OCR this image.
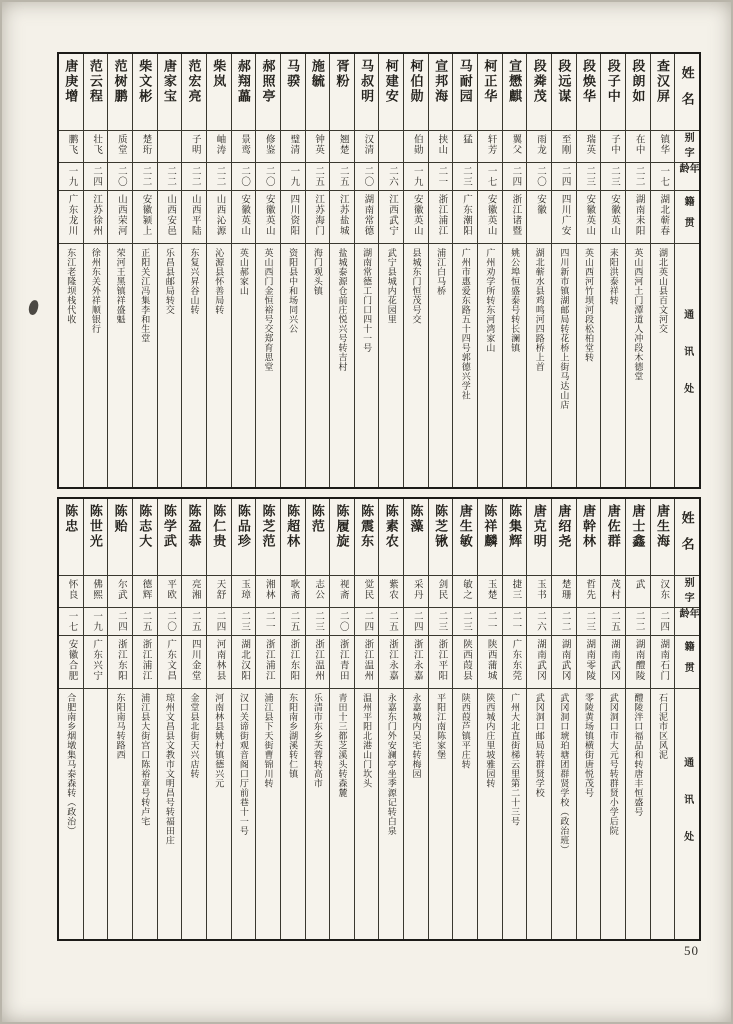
姓名
别字
年龄
籍贯
通讯处
查汉屏
镇华
一七
湖北蕲春
湖北英山县百文河交
段朗如
在中
二二
湖南耒阳
英山西河土门潭道人冲段木德堂
段子中
子中
二三
安徽英山
耒阳洪泰祥转
段焕华
瑞英
二三
安徽英山
英山西河竹坝河段松柏堂转
段远谋
至刚
二四
四川广安
四川新市镇湖邮局转花桥上街马达山店
段粦茂
雨龙
二〇
安徽
湖北蕲水县鸡鸣河四路桥上首
宣懋麒
翼父
二四
浙江诸暨
姚公埠恒盛泰号转长澜镇
柯正华
轩芳
一七
安徽英山
广州劝学所转东河湾家山
马耐园
猛
二三
广东潮阳
广州市惠爱东路五十四号郭德兴学社
宣邦海
挟山
二一
浙江浦江
浦江白马桥
柯伯勋
伯勋
一九
安徽英山
县城东门恒茂号交
柯建安
二六
江西武宁
武宁县城内花园里
马叔明
汉清
二〇
湖南常德
湖南常德工门口四十一号
胥粉
翘楚
二五
江苏盐城
盐城泰源仓前庄悦兴号转吉村
施毓
钟英
二五
江苏海门
海门观头镇
马骙
璧清
一九
四川资阳
资阳县中和场同兴公
郝照亭
修鉴
二〇
安徽英山
英山西门金恒裕号交郑育思堂
郝翔藟
景鸾
二〇
安徽英山
英山郝家山
柴岚
岫涛
二二
山西沁源
沁源县怀善局转
范宏亮
子明
二二
山西平陆
东复兴昇谷山转
唐家宝
二二
山西安邑
乐昌县邮局转交
柴文彬
楚珩
二二
安徽颍上
正阳关江冯集李和生堂
范树鹏
质堂
二〇
山西荣河
荣河王黑镇祥盛魁
范云程
壮飞
二四
江苏徐州
徐州东关外祥顺银行
唐庚增
鹏飞
一九
广东龙川
东江老隆坝栈代收
姓名
别字
年龄
籍贯
通讯处
唐生海
汉东
二四
湖南石门
石门泥市区风泥
唐士鑫
武
二二
湖南醴陵
醴陵泮口福品和转唐丰恒盛号
唐佐群
茂村
二五
湖南武冈
武冈洞口市大元号转群贤小学后院
唐幹林
哲先
二三
湖南零陵
零陵黄场镇横街唐悦茂号
唐绍尧
楚珊
二二
湖南武冈
武冈洞口琥珀塘团群贤学校（政治班）
唐克明
玉书
二六
湖南武冈
武冈洞口邮局转群贤学校
陈集辉
捷三
二一
广东东莞
广州大北直街梯云里第二十三号
陈祥麟
玉楚
二一
陕西蒲城
陕西城内庄里坡雅园转
唐生敏
敏之
二三
陕西葭县
陕西葭芦镇平庄转
陈芝锹
剑民
二三
浙江平阳
平阳江南陈家堡
陈藻
采丹
二四
浙江永嘉
永嘉城内吴宅转梅园
陈素农
紫农
二五
浙江永嘉
永嘉东门外安澜亭坐季源记转白泉
陈震东
觉民
二四
浙江温州
温州平阳北港山门坎头
陈履旋
视斋
二〇
浙江青田
青田十三都芝溪头转森麓
陈范
志公
二三
浙江温州
乐清市东乡芙蓉转高市
陈超林
耿斋
二五
浙江东阳
东阳南乡湖溪转仁镇
陈芝范
湘林
二一
浙江浦江
浦江县下天街曹锦川转
陈品珍
玉璋
二三
湖北汉阳
汉口关谛街观音阁口厅前巷十一号
陈仁贵
天舒
二四
河南林县
河南林县姚村镇德兴元
陈盈恭
亮湘
二五
四川金堂
金堂县北街天兴店转
陈学武
平欧
二〇
广东文昌
琼州文昌县文教市文明昌号转福田庄
陈志大
德辉
二五
浙江浦江
浦江县大街宫口陈裕章号转卢宅
陈贻
尔武
二四
浙江东阳
东阳南马转路西
陈世光
佛熙
一九
广东兴宁
陈忠
怀良
一七
安徽合肥
合肥南乡烟墩集马泰森转（政治）
50
